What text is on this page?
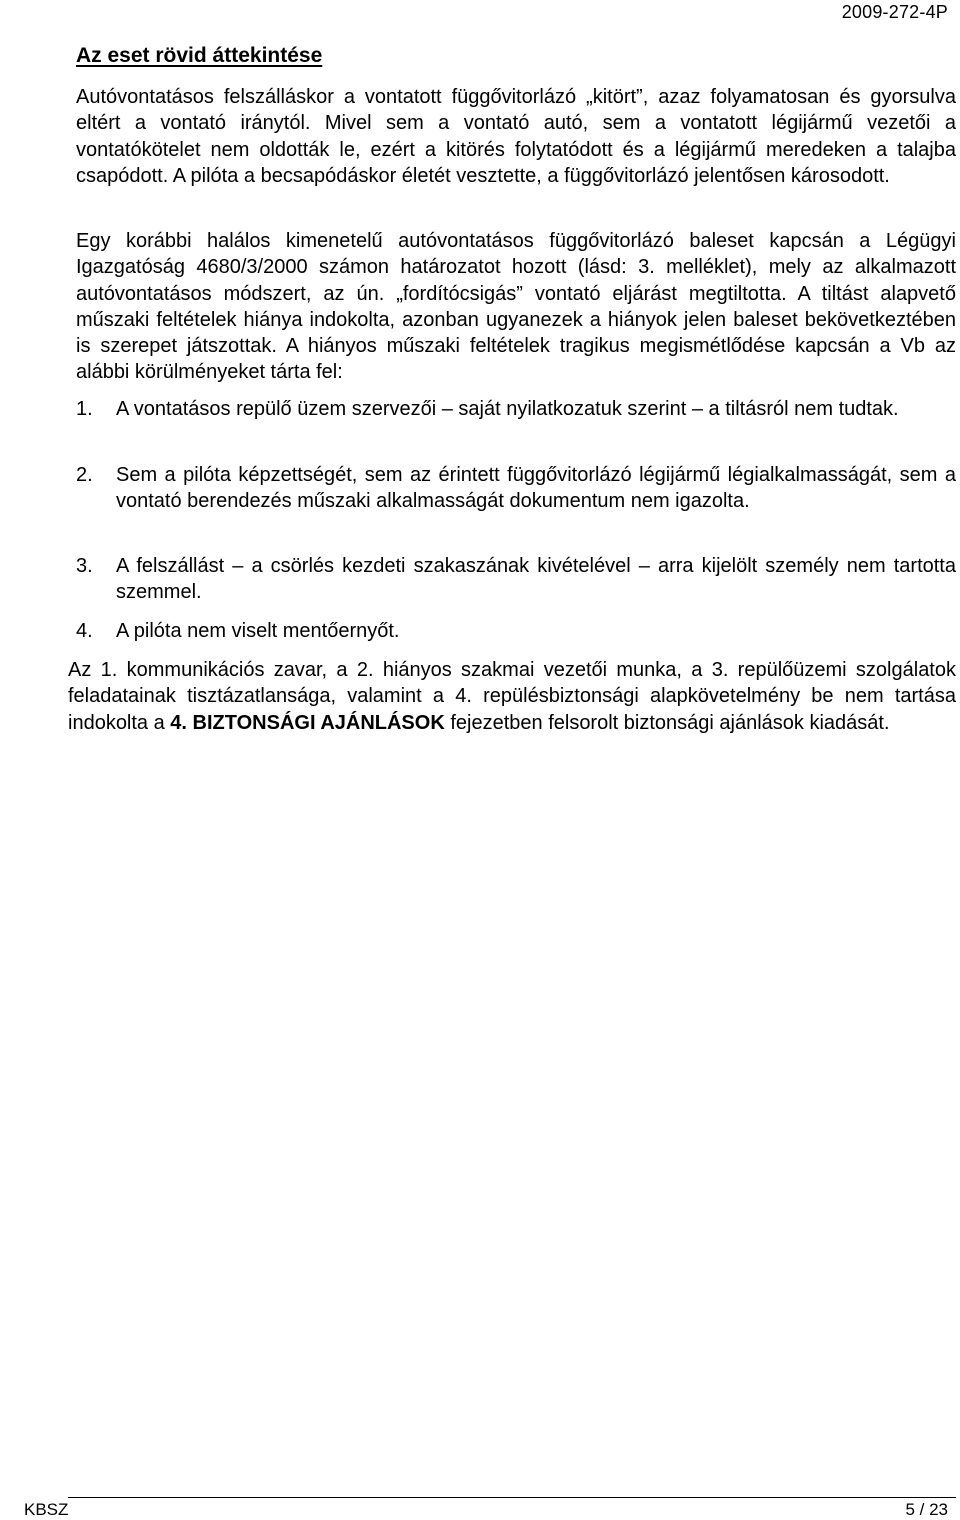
2009-272-4P
Az eset rövid áttekintése

Autóvontatásos felszálláskor a vontatott függővitorlázó „kitört”, azaz folyamatosan és gyorsulva eltért a vontató iránytól. Mivel sem a vontató autó, sem a vontatott légijármű vezetői a vontatókötelet nem oldották le, ezért a kitörés folytatódott és a légijármű meredeken a talajba csapódott. A pilóta a becsapódáskor életét vesztette, a függővitorlázó jelentősen károsodott.

Egy korábbi halálos kimenetelű autóvontatásos függővitorlázó baleset kapcsán a Légügyi Igazgatóság 4680/3/2000 számon határozatot hozott (lásd: 3. melléklet), mely az alkalmazott autóvontatásos módszert, az ún. „fordítócsigás” vontató eljárást megtiltotta. A tiltást alapvető műszaki feltételek hiánya indokolta, azonban ugyanezek a hiányok jelen baleset bekövetkeztében is szerepet játszottak. A hiányos műszaki feltételek tragikus megismétlődése kapcsán a Vb az alábbi körülményeket tárta fel:

1.	A vontatásos repülő üzem szervezői – saját nyilatkozatuk szerint – a tiltásról nem tudtak.
2.	Sem a pilóta képzettségét, sem az érintett függővitorlázó légijármű légialkalmasságát, sem a vontató berendezés műszaki alkalmasságát dokumentum nem igazolta.
3.	A felszállást – a csörlés kezdeti szakaszának kivételével – arra kijelölt személy nem tartotta szemmel.
4.	A pilóta nem viselt mentőernyőt.

Az 1. kommunikációs zavar, a 2. hiányos szakmai vezetői munka, a 3. repülőüzemi szolgálatok feladatainak tisztázatlansága, valamint a 4. repülésbiztonsági alapkövetelmény be nem tartása indokolta a 4. BIZTONSÁGI AJÁNLÁSOK fejezetben felsorolt biztonsági ajánlások kiadását.

KBSZ	5 / 23
